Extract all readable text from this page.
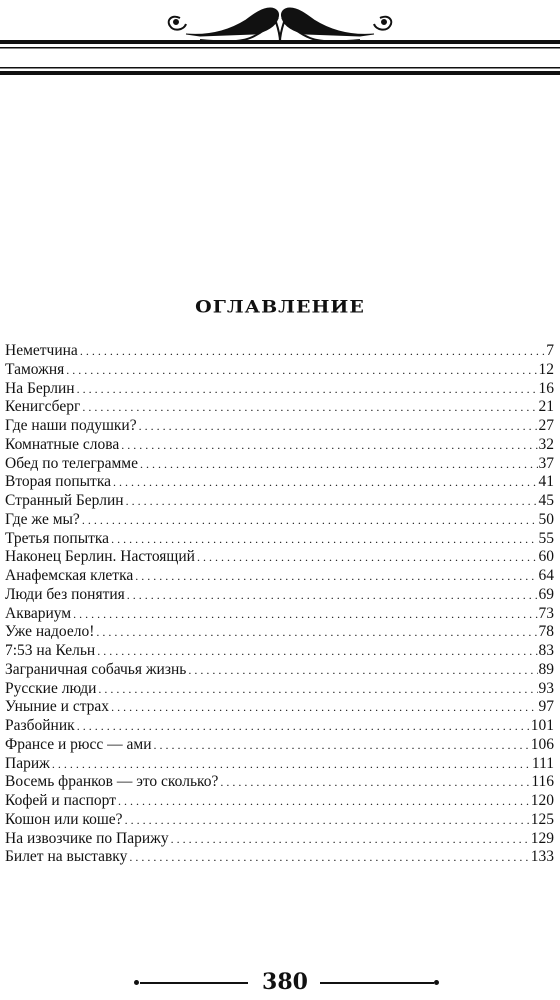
ОГЛАВЛЕНИЕ
Неметчина . . .	7
Таможня . . .	12
На Берлин . . .	16
Кенигсберг . . .	21
Где наши подушки? . . .	27
Комнатные слова . . .	32
Обед по телеграмме . . .	37
Вторая попытка . . .	41
Странный Берлин . . .	45
Где же мы? . . .	50
Третья попытка . . .	55
Наконец Берлин. Настоящий . . .	60
Анафемская клетка . . .	64
Люди без понятия . . .	69
Аквариум . . .	73
Уже надоело! . . .	78
7:53 на Кельн . . .	83
Заграничная собачья жизнь . . .	89
Русские люди . . .	93
Уныние и страх . . .	97
Разбойник . . .	101
Франсе и рюсс — ами . . .	106
Париж . . .	111
Восемь франков — это сколько? . . .	116
Кофей и паспорт . . .	120
Кошон или коше? . . .	125
На извозчике по Парижу . . .	129
Билет на выставку . . .	133
380
